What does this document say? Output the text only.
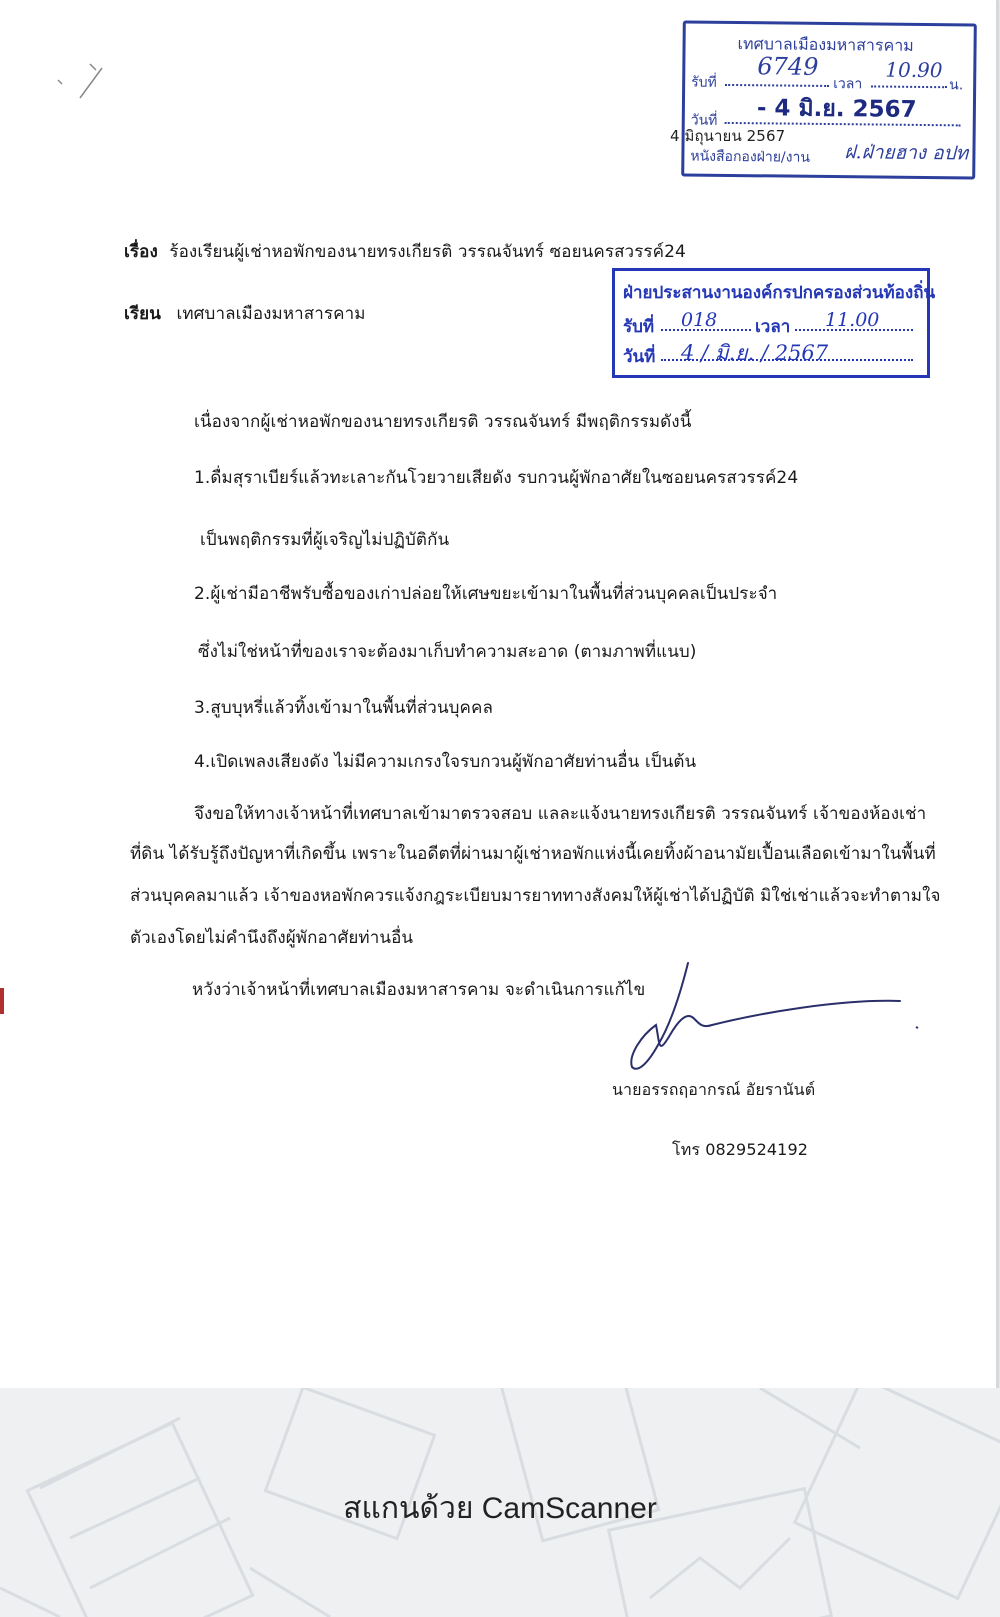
เทศบาลเมืองมหาสารคาม
รับที่
6749
เวลา
10.90
น.
วันที่ - 4 มิ.ย. 2567
หนังสือกองฝ่าย/งาน ฝ.ฝ่ายฮาง อปท
4 มิถุนายน 2567
เรื่อง ร้องเรียนผู้เช่าหอพักของนายทรงเกียรติ วรรณจันทร์ ซอยนครสวรรค์24
ฝ่ายประสานงานองค์กรปกครองส่วนท้องถิ่น
รับที่ 018 เวลา 11.00
วันที่ 4 / มิ.ย. / 2567
เรียน เทศบาลเมืองมหาสารคาม
เนื่องจากผู้เช่าหอพักของนายทรงเกียรติ วรรณจันทร์ มีพฤติกรรมดังนี้
1.ดื่มสุราเบียร์แล้วทะเลาะกันโวยวายเสียดัง รบกวนผู้พักอาศัยในซอยนครสวรรค์24
เป็นพฤติกรรมที่ผู้เจริญไม่ปฏิบัติกัน
2.ผู้เช่ามีอาชีพรับซื้อของเก่าปล่อยให้เศษขยะเข้ามาในพื้นที่ส่วนบุคคลเป็นประจำ
ซึ่งไม่ใช่หน้าที่ของเราจะต้องมาเก็บทำความสะอาด (ตามภาพที่แนบ)
3.สูบบุหรี่แล้วทิ้งเข้ามาในพื้นที่ส่วนบุคคล
4.เปิดเพลงเสียงดัง ไม่มีความเกรงใจรบกวนผู้พักอาศัยท่านอื่น เป็นต้น
จึงขอให้ทางเจ้าหน้าที่เทศบาลเข้ามาตรวจสอบ แลละแจ้งนายทรงเกียรติ วรรณจันทร์ เจ้าของห้องเช่า
ที่ดิน ได้รับรู้ถึงปัญหาที่เกิดขึ้น เพราะในอดีตที่ผ่านมาผู้เช่าหอพักแห่งนี้เคยทิ้งผ้าอนามัยเปื้อนเลือดเข้ามาในพื้นที่
ส่วนบุคคลมาแล้ว เจ้าของหอพักควรแจ้งกฎระเบียบมารยาททางสังคมให้ผู้เช่าได้ปฏิบัติ มิใช่เช่าแล้วจะทำตามใจ
ตัวเองโดยไม่คำนึงถึงผู้พักอาศัยท่านอื่น
หวังว่าเจ้าหน้าที่เทศบาลเมืองมหาสารคาม จะดำเนินการแก้ไข
นายอรรถฤอากรณ์ อัยรานันต์
โทร 0829524192
สแกนด้วย CamScanner
